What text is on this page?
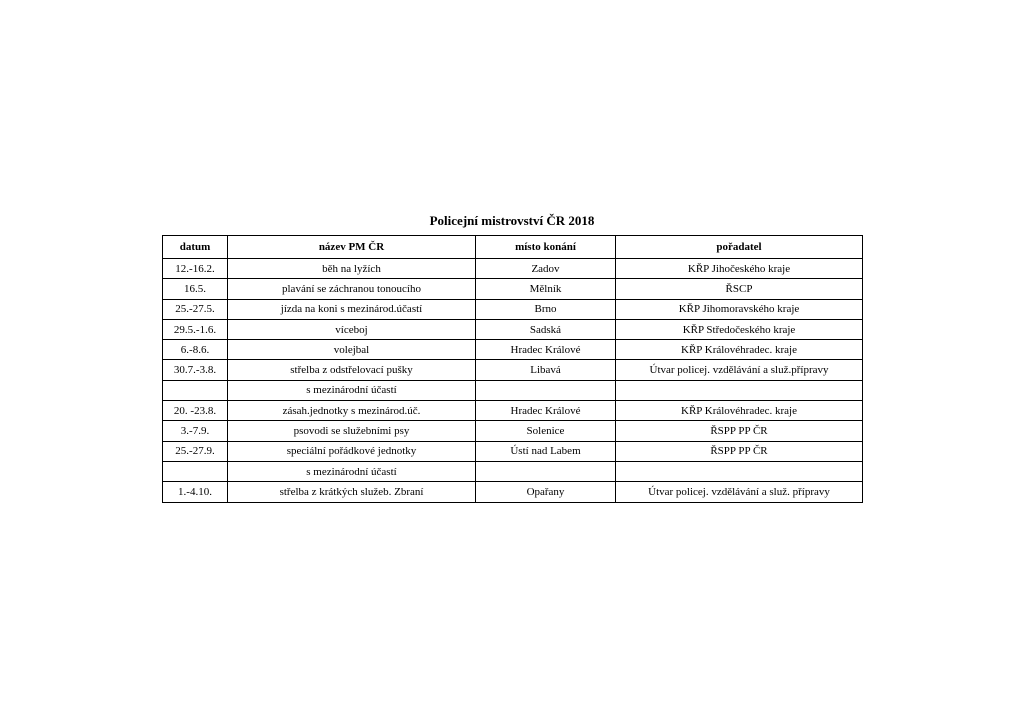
Policejní mistrovství ČR 2018
datum	název PM ČR	místo konání	pořadatel
12.-16.2.	běh na lyžích	Zadov	KŘP Jihočeského kraje
16.5.	plavání se záchranou tonoucího	Mělník	ŘSCP
25.-27.5.	jízda na koni s mezinárod.účastí	Brno	KŘP Jihomoravského kraje
29.5.-1.6.	víceboj	Sadská	KŘP Středočeského kraje
6.-8.6.	volejbal	Hradec Králové	KŘP Královéhradec. kraje
30.7.-3.8.	střelba z odstřelovací pušky	Libavá	Útvar policej. vzdělávání a služ.přípravy
	s mezinárodní účastí		
20. -23.8.	zásah.jednotky s mezinárod.úč.	Hradec Králové	KŘP Královéhradec. kraje
3.-7.9.	psovodi se služebními psy	Solenice	ŘSPP PP ČR
25.-27.9.	speciální pořádkové jednotky	Ústí nad Labem	ŘSPP PP ČR
	s mezinárodní účastí		
1.-4.10.	střelba z krátkých služeb. Zbraní	Opařany	Útvar policej. vzdělávání a služ. přípravy
